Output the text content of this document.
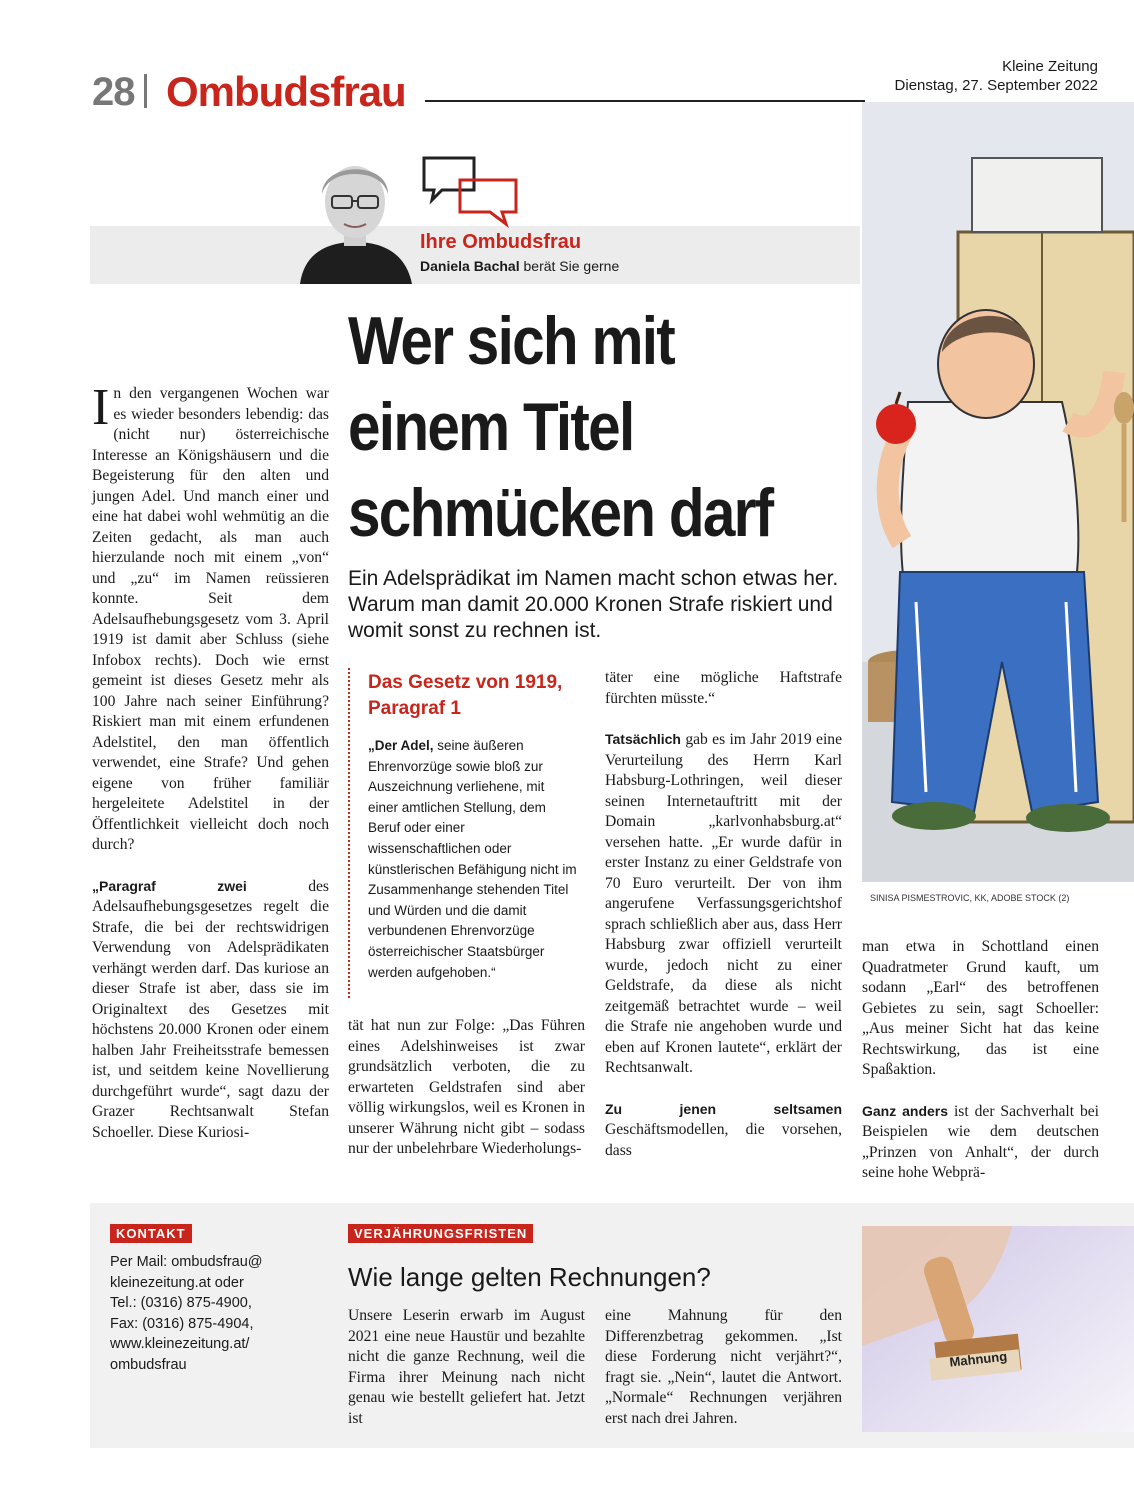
28 Ombudsfrau
Kleine Zeitung
Dienstag, 27. September 2022
Ihre Ombudsfrau
Daniela Bachal berät Sie gerne
Wer sich mit einem Titel schmücken darf
Ein Adelsprädikat im Namen macht schon etwas her. Warum man damit 20.000 Kronen Strafe riskiert und womit sonst zu rechnen ist.

In den vergangenen Wochen war es wieder besonders lebendig: das (nicht nur) österreichische Interesse an Königshäusern und die Begeisterung für den alten und jungen Adel. Und manch einer und eine hat dabei wohl wehmütig an die Zeiten gedacht, als man auch hierzulande noch mit einem „von“ und „zu“ im Namen reüssieren konnte. Seit dem Adelsaufhebungsgesetz vom 3. April 1919 ist damit aber Schluss (siehe Infobox rechts). Doch wie ernst gemeint ist dieses Gesetz mehr als 100 Jahre nach seiner Einführung? Riskiert man mit einem erfundenen Adelstitel, den man öffentlich verwendet, eine Strafe? Und gehen eigene von früher familiär hergeleitete Adelstitel in der Öffentlichkeit vielleicht doch noch durch?

„Paragraf zwei des Adelsaufhebungsgesetzes regelt die Strafe, die bei der rechtswidrigen Verwendung von Adelsprädikaten verhängt werden darf. Das kuriose an dieser Strafe ist aber, dass sie im Originaltext des Gesetzes mit höchstens 20.000 Kronen oder einem halben Jahr Freiheitsstrafe bemessen ist, und seitdem keine Novellierung durchgeführt wurde“, sagt dazu der Grazer Rechtsanwalt Stefan Schoeller. Diese Kuriosi-

Das Gesetz von 1919, Paragraf 1
„Der Adel, seine äußeren Ehrenvorzüge sowie bloß zur Auszeichnung verliehene, mit einer amtlichen Stellung, dem Beruf oder einer wissenschaftlichen oder künstlerischen Befähigung nicht im Zusammenhange stehenden Titel und Würden und die damit verbundenen Ehrenvorzüge österreichischer Staatsbürger werden aufgehoben.“

tät hat nun zur Folge: „Das Führen eines Adelshinweises ist zwar grundsätzlich verboten, die zu erwarteten Geldstrafen sind aber völlig wirkungslos, weil es Kronen in unserer Währung nicht gibt – sodass nur der unbelehrbare Wiederholungs-

täter eine mögliche Haftstrafe fürchten müsste.“

Tatsächlich gab es im Jahr 2019 eine Verurteilung des Herrn Karl Habsburg-Lothringen, weil dieser seinen Internetauftritt mit der Domain „karlvonhabsburg.at“ versehen hatte. „Er wurde dafür in erster Instanz zu einer Geldstrafe von 70 Euro verurteilt. Der von ihm angerufene Verfassungsgerichtshof sprach schließlich aber aus, dass Herr Habsburg zwar offiziell verurteilt wurde, jedoch nicht zu einer Geldstrafe, da diese als nicht zeitgemäß betrachtet wurde – weil die Strafe nie angehoben wurde und eben auf Kronen lautete“, erklärt der Rechtsanwalt.

Zu jenen seltsamen Geschäftsmodellen, die vorsehen, dass

SINISA PISMESTROVIC, KK, ADOBE STOCK (2)

man etwa in Schottland einen Quadratmeter Grund kauft, um sodann „Earl“ des betroffenen Gebietes zu sein, sagt Schoeller: „Aus meiner Sicht hat das keine Rechtswirkung, das ist eine Spaßaktion.

Ganz anders ist der Sachverhalt bei Beispielen wie dem deutschen „Prinzen von Anhalt“, der durch seine hohe Webprä-

KONTAKT
Per Mail: ombudsfrau@
kleinezeitung.at oder
Tel.: (0316) 875-4900,
Fax: (0316) 875-4904,
www.kleinezeitung.at/
ombudsfrau
VERJÄHRUNGSFRISTEN
Wie lange gelten Rechnungen?
Unsere Leserin erwarb im August 2021 eine neue Haustür und bezahlte nicht die ganze Rechnung, weil die Firma ihrer Meinung nach nicht genau wie bestellt geliefert hat. Jetzt ist
eine Mahnung für den Differenzbetrag gekommen. „Ist diese Forderung nicht verjährt?“, fragt sie. „Nein“, lautet die Antwort. „Normale“ Rechnungen verjähren erst nach drei Jahren.
Mahnung
